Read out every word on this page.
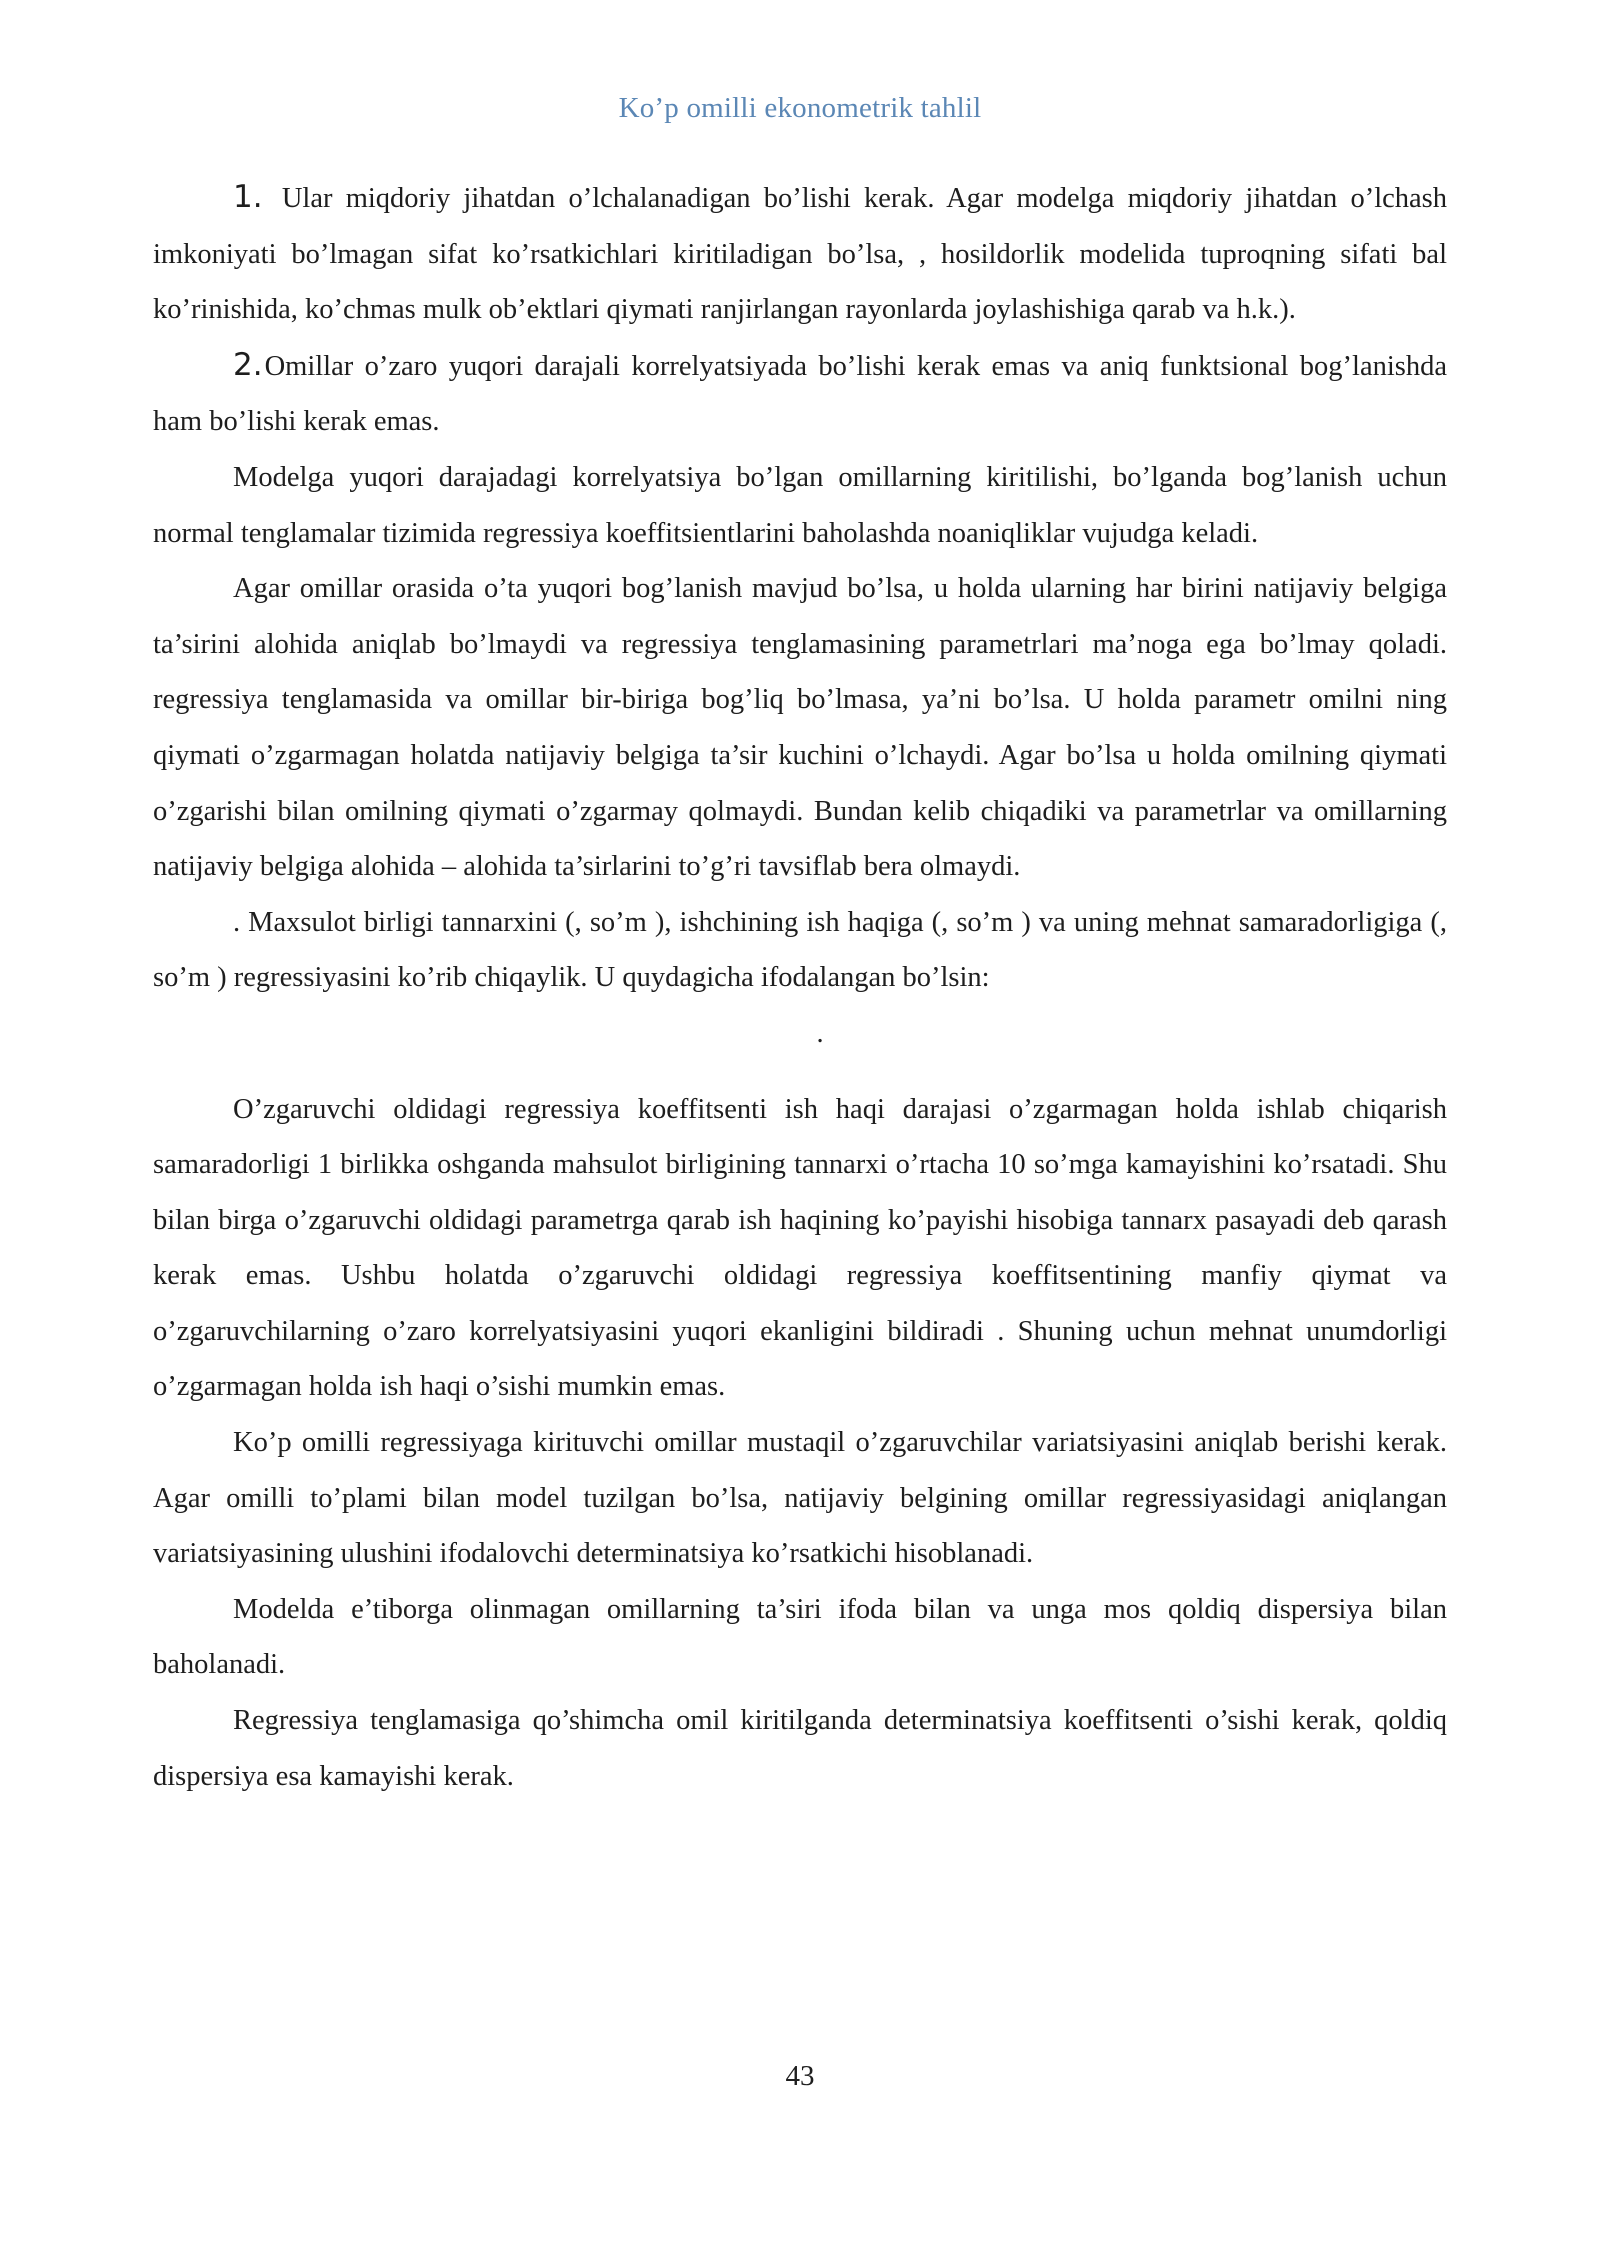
Ko’p omilli ekonometrik tahlil

1. Ular miqdoriy jihatdan o’lchalanadigan bo’lishi kerak. Agar modelga miqdoriy jihatdan o’lchash imkoniyati bo’lmagan sifat ko’rsatkichlari kiritiladigan bo’lsa, , hosildorlik modelida tuproqning sifati bal ko’rinishida, ko’chmas mulk ob’ektlari qiymati ranjirlangan rayonlarda joylashishiga qarab va h.k.).

2.Omillar o’zaro yuqori darajali korrelyatsiyada bo’lishi kerak emas va aniq funktsional bog’lanishda ham bo’lishi kerak emas.

Modelga yuqori darajadagi korrelyatsiya bo’lgan omillarning kiritilishi, bo’lganda bog’lanish uchun normal tenglamalar tizimida regressiya koeffitsientlarini baholashda noaniqliklar vujudga keladi.

Agar omillar orasida o’ta yuqori bog’lanish mavjud bo’lsa, u holda ularning har birini natijaviy belgiga ta’sirini alohida aniqlab bo’lmaydi va regressiya tenglamasining parametrlari ma’noga ega bo’lmay qoladi. regressiya tenglamasida va omillar bir-biriga bog’liq bo’lmasa, ya’ni bo’lsa. U holda parametr omilni ning qiymati o’zgarmagan holatda natijaviy belgiga ta’sir kuchini o’lchaydi. Agar bo’lsa u holda omilning qiymati o’zgarishi bilan omilning qiymati o’zgarmay qolmaydi. Bundan kelib chiqadiki va parametrlar va omillarning natijaviy belgiga alohida – alohida ta’sirlarini to’g’ri tavsiflab bera olmaydi.

. Maxsulot birligi tannarxini (, so’m ), ishchining ish haqiga (, so’m ) va uning mehnat samaradorligiga (, so’m ) regressiyasini ko’rib chiqaylik. U quydagicha ifodalangan bo’lsin:

.

O’zgaruvchi oldidagi regressiya koeffitsenti ish haqi darajasi o’zgarmagan holda ishlab chiqarish samaradorligi 1 birlikka oshganda mahsulot birligining tannarxi o’rtacha 10 so’mga kamayishini ko’rsatadi. Shu bilan birga o’zgaruvchi oldidagi parametrga qarab ish haqining ko’payishi hisobiga tannarx pasayadi deb qarash kerak emas. Ushbu holatda o’zgaruvchi oldidagi regressiya koeffitsentining manfiy qiymat va o’zgaruvchilarning o’zaro korrelyatsiyasini yuqori ekanligini bildiradi . Shuning uchun mehnat unumdorligi o’zgarmagan holda ish haqi o’sishi mumkin emas.

Ko’p omilli regressiyaga kirituvchi omillar mustaqil o’zgaruvchilar variatsiyasini aniqlab berishi kerak. Agar omilli to’plami bilan model tuzilgan bo’lsa, natijaviy belgining omillar regressiyasidagi aniqlangan variatsiyasining ulushini ifodalovchi determinatsiya ko’rsatkichi hisoblanadi.

Modelda e’tiborga olinmagan omillarning ta’siri ifoda bilan va unga mos qoldiq dispersiya bilan baholanadi.

Regressiya tenglamasiga qo’shimcha omil kiritilganda determinatsiya koeffitsenti o’sishi kerak, qoldiq dispersiya esa kamayishi kerak.

43
